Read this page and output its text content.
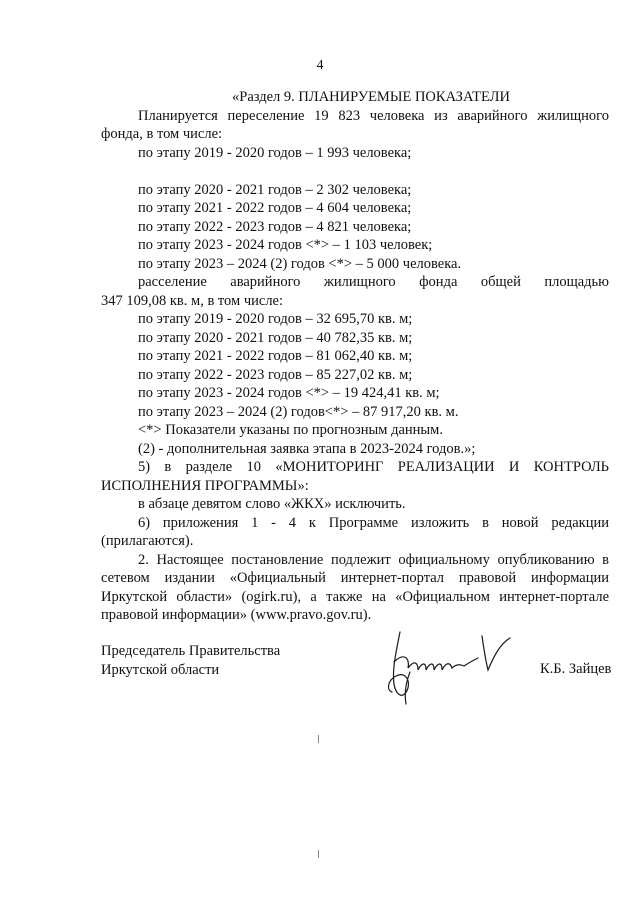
4
«Раздел 9. ПЛАНИРУЕМЫЕ ПОКАЗАТЕЛИ
Планируется переселение 19 823 человека из аварийного жилищного
фонда, в том числе:
по этапу 2019 - 2020 годов – 1 993 человека;
по этапу 2020 - 2021 годов – 2 302 человека;
по этапу 2021 - 2022 годов – 4 604 человека;
по этапу 2022 - 2023 годов – 4 821 человека;
по этапу 2023 - 2024 годов <*> – 1 103 человек;
по этапу 2023 – 2024 (2) годов <*> – 5 000 человека.
расселение аварийного жилищного фонда общей площадью
347 109,08 кв. м, в том числе:
по этапу 2019 - 2020 годов – 32 695,70 кв. м;
по этапу 2020 - 2021 годов – 40 782,35 кв. м;
по этапу 2021 - 2022 годов – 81 062,40 кв. м;
по этапу 2022 - 2023 годов – 85 227,02 кв. м;
по этапу 2023 - 2024 годов <*> – 19 424,41 кв. м;
по этапу 2023 – 2024 (2) годов<*> – 87 917,20 кв. м.
<*> Показатели указаны по прогнозным данным.
(2) - дополнительная заявка этапа в 2023-2024 годов.»;
5) в разделе 10 «МОНИТОРИНГ РЕАЛИЗАЦИИ И КОНТРОЛЬ
ИСПОЛНЕНИЯ ПРОГРАММЫ»:
в абзаце девятом слово «ЖКХ» исключить.
6) приложения 1 - 4 к Программе изложить в новой редакции
(прилагаются).
2. Настоящее постановление подлежит официальному опубликованию в
сетевом издании «Официальный интернет-портал правовой информации
Иркутской области» (ogirk.ru), а также на «Официальном интернет-портале
правовой информации» (www.pravo.gov.ru).
Председатель Правительства
Иркутской области	К.Б. Зайцев
